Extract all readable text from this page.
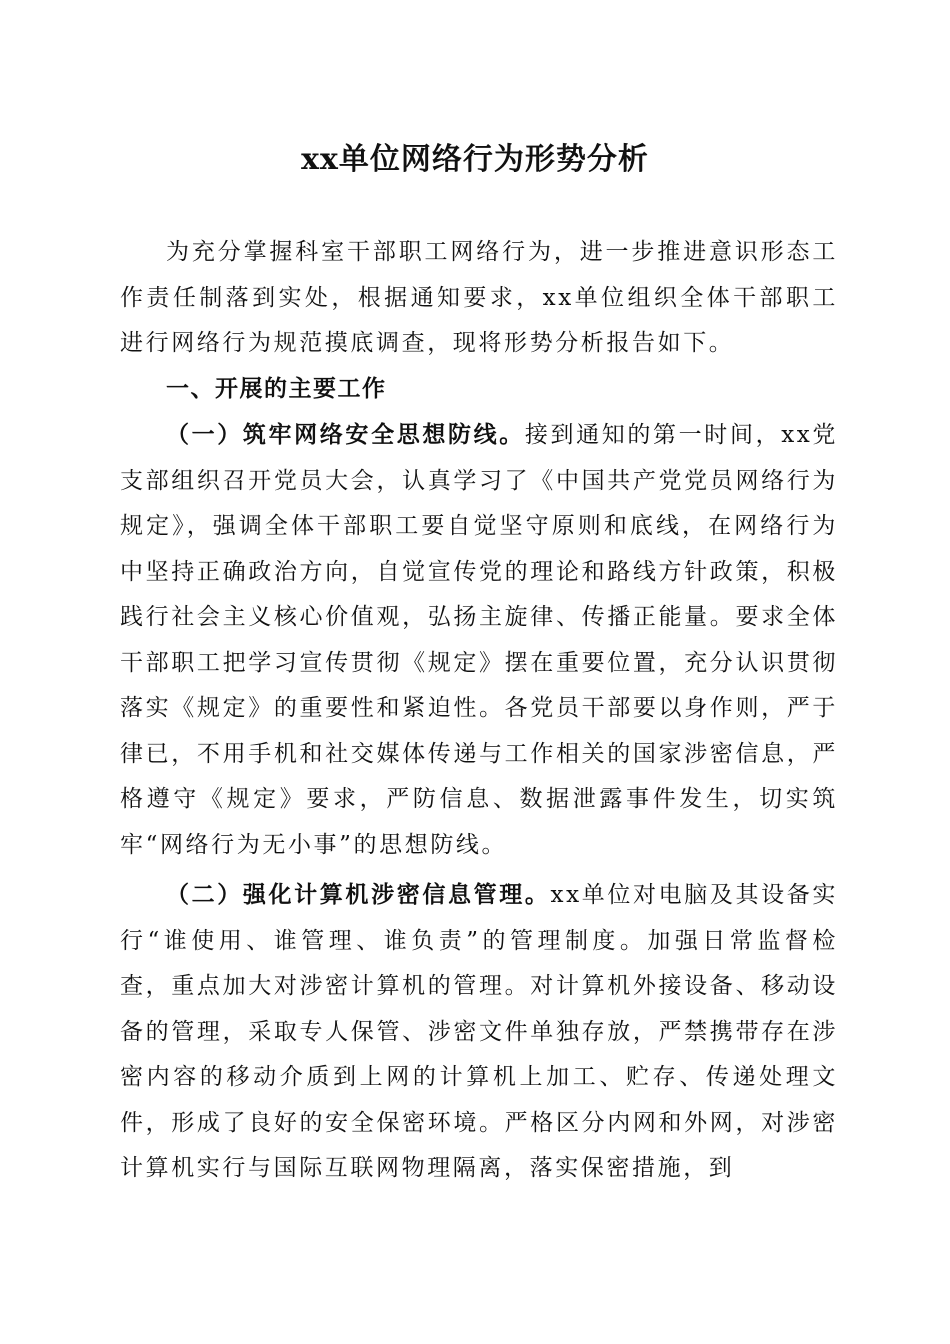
xx单位网络行为形势分析

为充分掌握科室干部职工网络行为，进一步推进意识形态工作责任制落到实处，根据通知要求，xx单位组织全体干部职工进行网络行为规范摸底调查，现将形势分析报告如下。

一、开展的主要工作

（一）筑牢网络安全思想防线。接到通知的第一时间，xx党支部组织召开党员大会，认真学习了《中国共产党党员网络行为规定》，强调全体干部职工要自觉坚守原则和底线，在网络行为中坚持正确政治方向，自觉宣传党的理论和路线方针政策，积极践行社会主义核心价值观，弘扬主旋律、传播正能量。要求全体干部职工把学习宣传贯彻《规定》摆在重要位置，充分认识贯彻落实《规定》的重要性和紧迫性。各党员干部要以身作则，严于律已，不用手机和社交媒体传递与工作相关的国家涉密信息，严格遵守《规定》要求，严防信息、数据泄露事件发生，切实筑牢“网络行为无小事”的思想防线。

（二）强化计算机涉密信息管理。xx单位对电脑及其设备实行“谁使用、谁管理、谁负责”的管理制度。加强日常监督检查，重点加大对涉密计算机的管理。对计算机外接设备、移动设备的管理，采取专人保管、涉密文件单独存放，严禁携带存在涉密内容的移动介质到上网的计算机上加工、贮存、传递处理文件，形成了良好的安全保密环境。严格区分内网和外网，对涉密计算机实行与国际互联网物理隔离，落实保密措施，到
